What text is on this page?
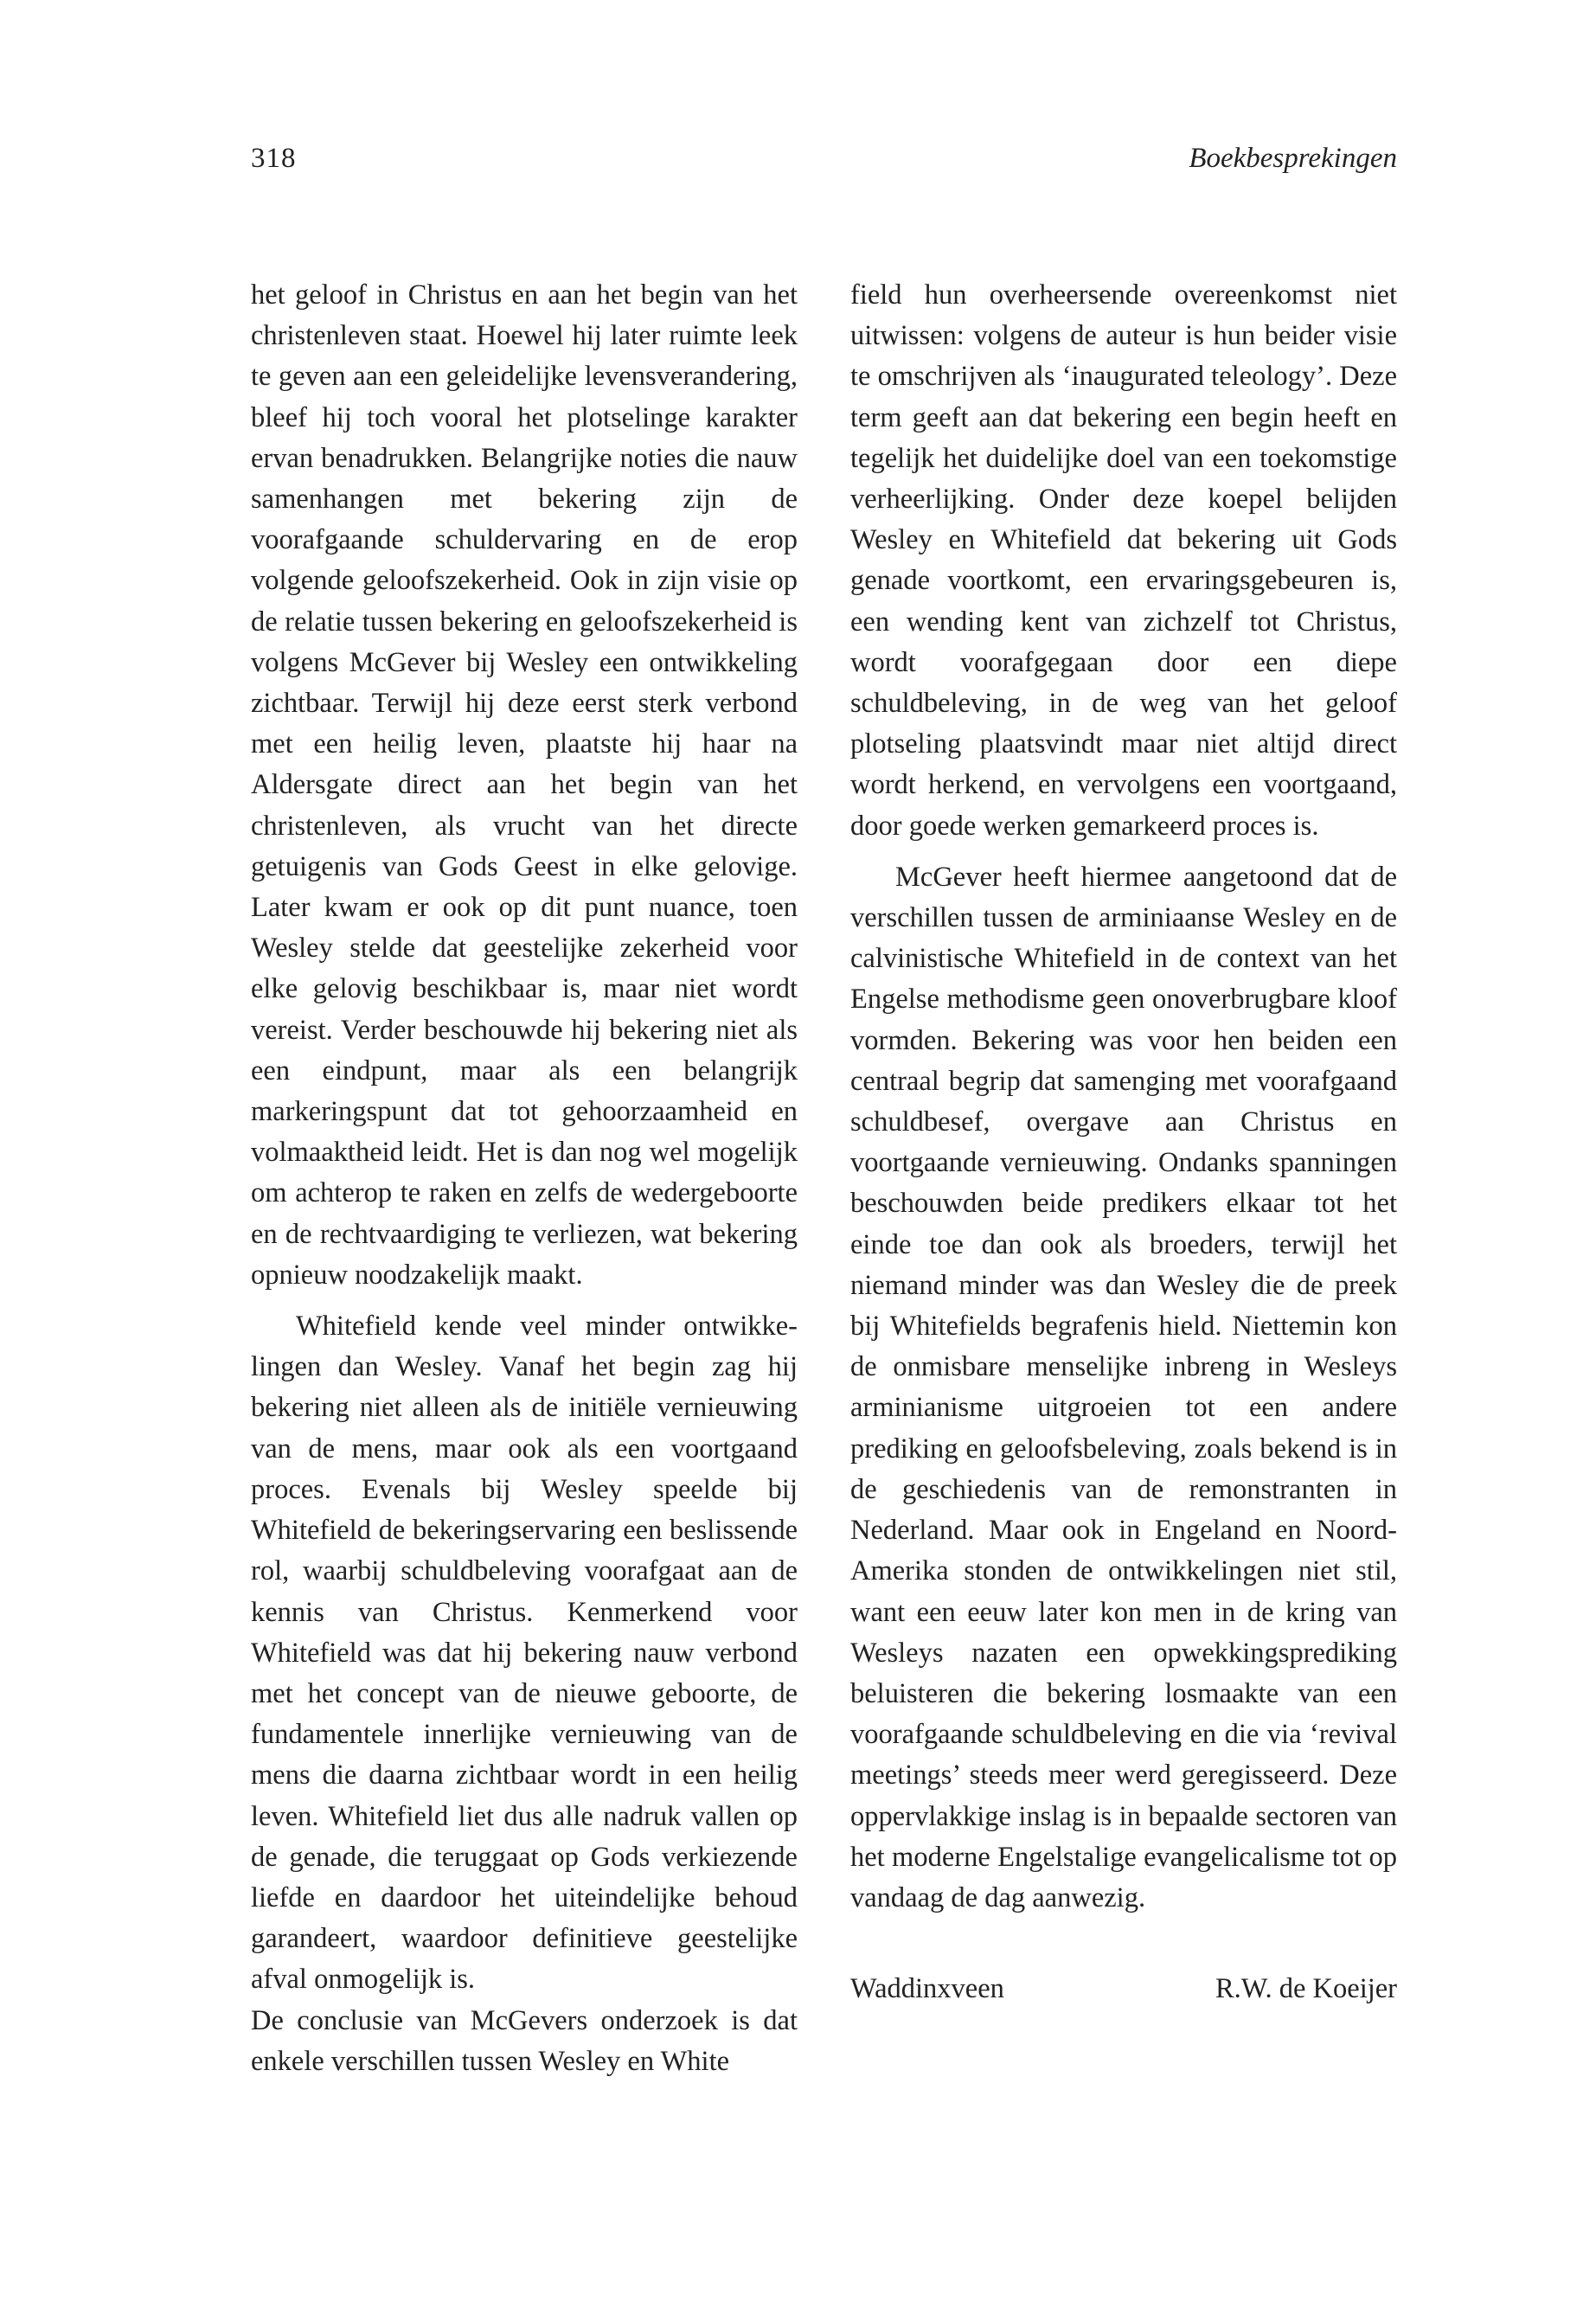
318	Boekbesprekingen

het geloof in Christus en aan het begin van het christenleven staat. Hoewel hij later ruimte leek te geven aan een geleidelijke levensverandering, bleef hij toch vooral het plotselinge karakter ervan benadrukken. Belangrijke noties die nauw samenhangen met bekering zijn de voorafgaande schuldervaring en de erop volgende geloofszekerheid. Ook in zijn visie op de relatie tussen bekering en geloofszekerheid is volgens McGever bij Wesley een ontwikkeling zichtbaar. Terwijl hij deze eerst sterk verbond met een heilig leven, plaatste hij haar na Aldersgate direct aan het begin van het christenleven, als vrucht van het directe getuigenis van Gods Geest in elke gelovige. Later kwam er ook op dit punt nuance, toen Wesley stelde dat geestelijke zekerheid voor elke gelovig beschikbaar is, maar niet wordt vereist. Verder beschouwde hij bekering niet als een eindpunt, maar als een belangrijk markeringspunt dat tot gehoorzaamheid en volmaaktheid leidt. Het is dan nog wel mogelijk om achterop te raken en zelfs de wedergeboorte en de rechtvaardiging te verliezen, wat bekering opnieuw noodzakelijk maakt.

Whitefield kende veel minder ontwikkelingen dan Wesley. Vanaf het begin zag hij bekering niet alleen als de initiële vernieuwing van de mens, maar ook als een voortgaand proces. Evenals bij Wesley speelde bij Whitefield de bekeringservaring een beslissende rol, waarbij schuldbeleving voorafgaat aan de kennis van Christus. Kenmerkend voor Whitefield was dat hij bekering nauw verbond met het concept van de nieuwe geboorte, de fundamentele innerlijke vernieuwing van de mens die daarna zichtbaar wordt in een heilig leven. Whitefield liet dus alle nadruk vallen op de genade, die teruggaat op Gods verkiezende liefde en daardoor het uiteindelijke behoud garandeert, waardoor definitieve geestelijke afval onmogelijk is.

De conclusie van McGevers onderzoek is dat enkele verschillen tussen Wesley en White

field hun overheersende overeenkomst niet uitwissen: volgens de auteur is hun beider visie te omschrijven als ‘inaugurated teleology’. Deze term geeft aan dat bekering een begin heeft en tegelijk het duidelijke doel van een toekomstige verheerlijking. Onder deze koepel belijden Wesley en Whitefield dat bekering uit Gods genade voortkomt, een ervaringsgebeuren is, een wending kent van zichzelf tot Christus, wordt voorafgegaan door een diepe schuldbeleving, in de weg van het geloof plotseling plaatsvindt maar niet altijd direct wordt herkend, en vervolgens een voortgaand, door goede werken gemarkeerd proces is.

McGever heeft hiermee aangetoond dat de verschillen tussen de arminiaanse Wesley en de calvinistische Whitefield in de context van het Engelse methodisme geen onoverbrugbare kloof vormden. Bekering was voor hen beiden een centraal begrip dat samenging met voorafgaand schuldbesef, overgave aan Christus en voortgaande vernieuwing. Ondanks spanningen beschouwden beide predikers elkaar tot het einde toe dan ook als broeders, terwijl het niemand minder was dan Wesley die de preek bij Whitefields begrafenis hield. Niettemin kon de onmisbare menselijke inbreng in Wesleys arminianisme uitgroeien tot een andere prediking en geloofsbeleving, zoals bekend is in de geschiedenis van de remonstranten in Nederland. Maar ook in Engeland en Noord-Amerika stonden de ontwikkelingen niet stil, want een eeuw later kon men in de kring van Wesleys nazaten een opwekkingsprediking beluisteren die bekering losmaakte van een voorafgaande schuldbeleving en die via ‘revival meetings’ steeds meer werd geregisseerd. Deze oppervlakkige inslag is in bepaalde sectoren van het moderne Engelstalige evangelicalisme tot op vandaag de dag aanwezig.

Waddinxveen	R.W. de Koeijer
